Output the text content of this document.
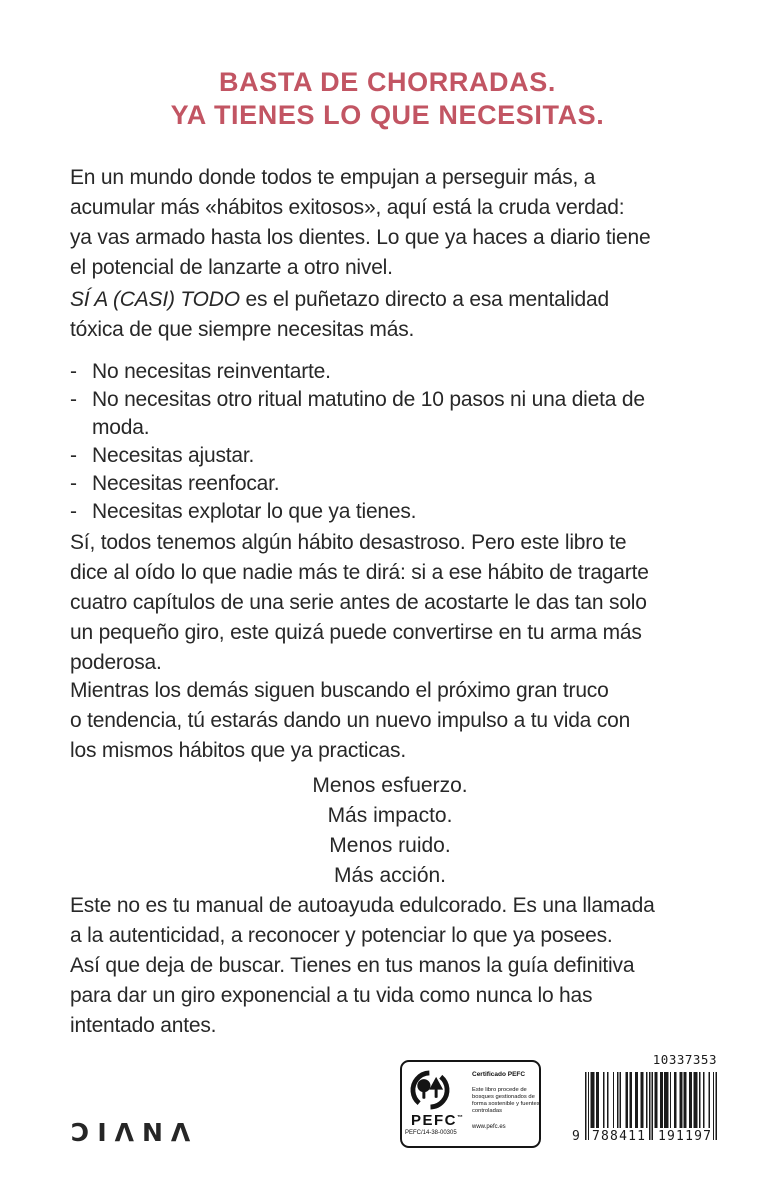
BASTA DE CHORRADAS.
YA TIENES LO QUE NECESITAS.
En un mundo donde todos te empujan a perseguir más, a
acumular más «hábitos exitosos», aquí está la cruda verdad:
ya vas armado hasta los dientes. Lo que ya haces a diario tiene
el potencial de lanzarte a otro nivel.
SÍ A (CASI) TODO es el puñetazo directo a esa mentalidad
tóxica de que siempre necesitas más.
- No necesitas reinventarte.
- No necesitas otro ritual matutino de 10 pasos ni una dieta de
moda.
- Necesitas ajustar.
- Necesitas reenfocar.
- Necesitas explotar lo que ya tienes.
Sí, todos tenemos algún hábito desastroso. Pero este libro te
dice al oído lo que nadie más te dirá: si a ese hábito de tragarte
cuatro capítulos de una serie antes de acostarte le das tan solo
un pequeño giro, este quizá puede convertirse en tu arma más
poderosa.
Mientras los demás siguen buscando el próximo gran truco
o tendencia, tú estarás dando un nuevo impulso a tu vida con
los mismos hábitos que ya practicas.
Menos esfuerzo.
Más impacto.
Menos ruido.
Más acción.
Este no es tu manual de autoayuda edulcorado. Es una llamada
a la autenticidad, a reconocer y potenciar lo que ya posees.
Así que deja de buscar. Tienes en tus manos la guía definitiva
para dar un giro exponencial a tu vida como nunca lo has
intentado antes.
ƆIΛNΛ	PEFC™
PEFC/14-38-00305
Certificado PEFC
Este libro procede de
bosques gestionados de
forma sostenible y fuentes
controladas
www.pefc.es
10337353
9 788411 191197
